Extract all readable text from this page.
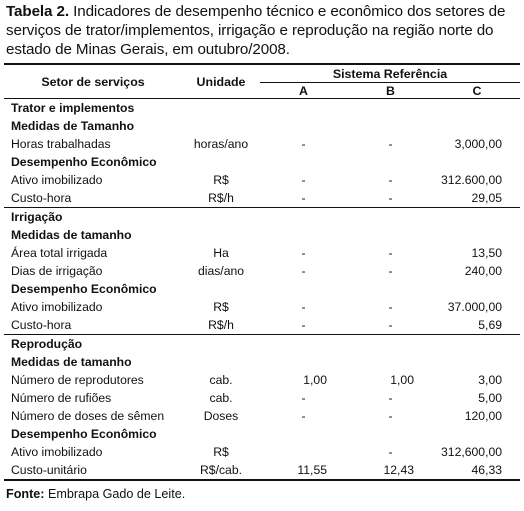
Tabela 2. Indicadores de desempenho técnico e econômico dos setores de serviços de trator/implementos, irrigação e reprodução na região norte do estado de Minas Gerais, em outubro/2008.
Setor de serviços	Unidade	Sistema Referência		
		A	B	C
Trator e implementos				
Medidas de Tamanho				
Horas trabalhadas	horas/ano	-	-	3,000,00
Desempenho Econômico				
Ativo imobilizado	R$	-	-	312.600,00
Custo-hora	R$/h	-	-	29,05
Irrigação				
Medidas de tamanho				
Área total irrigada	Ha	-	-	13,50
Dias de irrigação	dias/ano	-	-	240,00
Desempenho Econômico				
Ativo imobilizado	R$	-	-	37.000,00
Custo-hora	R$/h	-	-	5,69
Reprodução				
Medidas de tamanho				
Número de reprodutores	cab.	1,00	1,00	3,00
Número de rufiões	cab.	-	-	5,00
Número de doses de sêmen	Doses	-	-	120,00
Desempenho Econômico				
Ativo imobilizado	R$		-	312,600,00
Custo-unitário	R$/cab.	11,55	12,43	46,33
Fonte: Embrapa Gado de Leite.
